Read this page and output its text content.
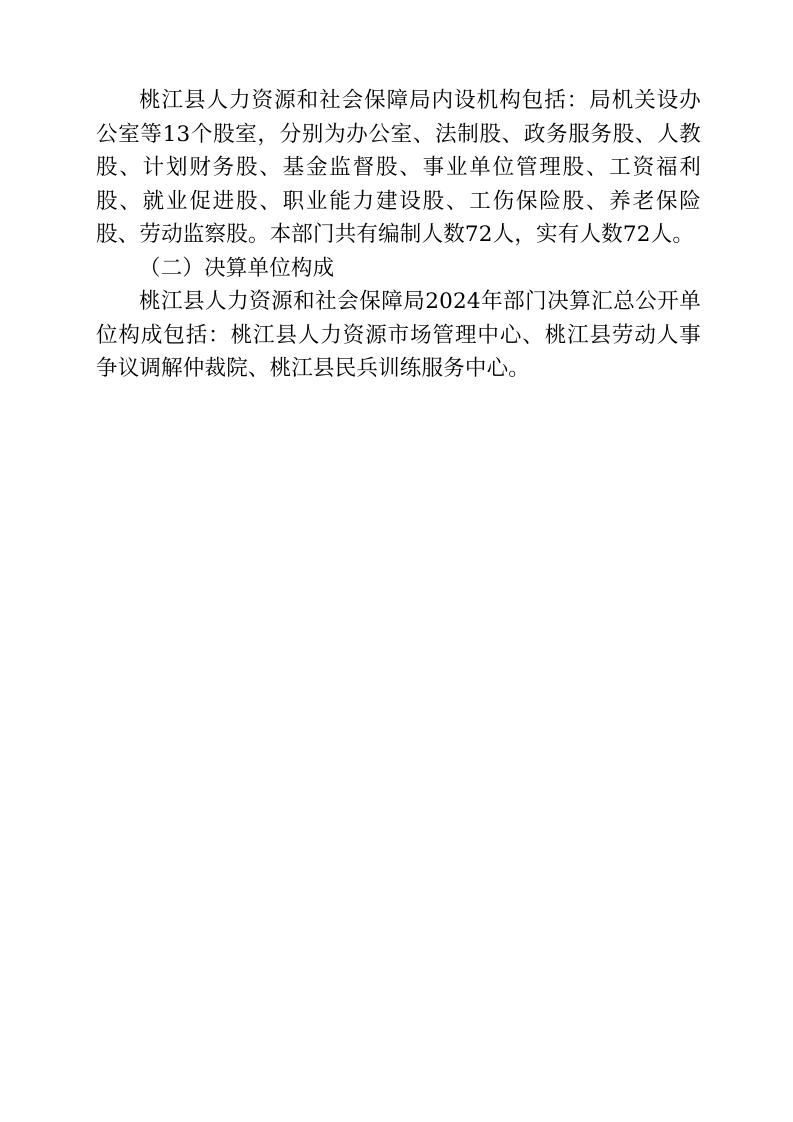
桃江县人力资源和社会保障局内设机构包括：局机关设办公室等13个股室，分别为办公室、法制股、政务服务股、人教股、计划财务股、基金监督股、事业单位管理股、工资福利股、就业促进股、职业能力建设股、工伤保险股、养老保险股、劳动监察股。本部门共有编制人数72人，实有人数72人。

（二）决算单位构成

桃江县人力资源和社会保障局2024年部门决算汇总公开单位构成包括：桃江县人力资源市场管理中心、桃江县劳动人事争议调解仲裁院、桃江县民兵训练服务中心。
